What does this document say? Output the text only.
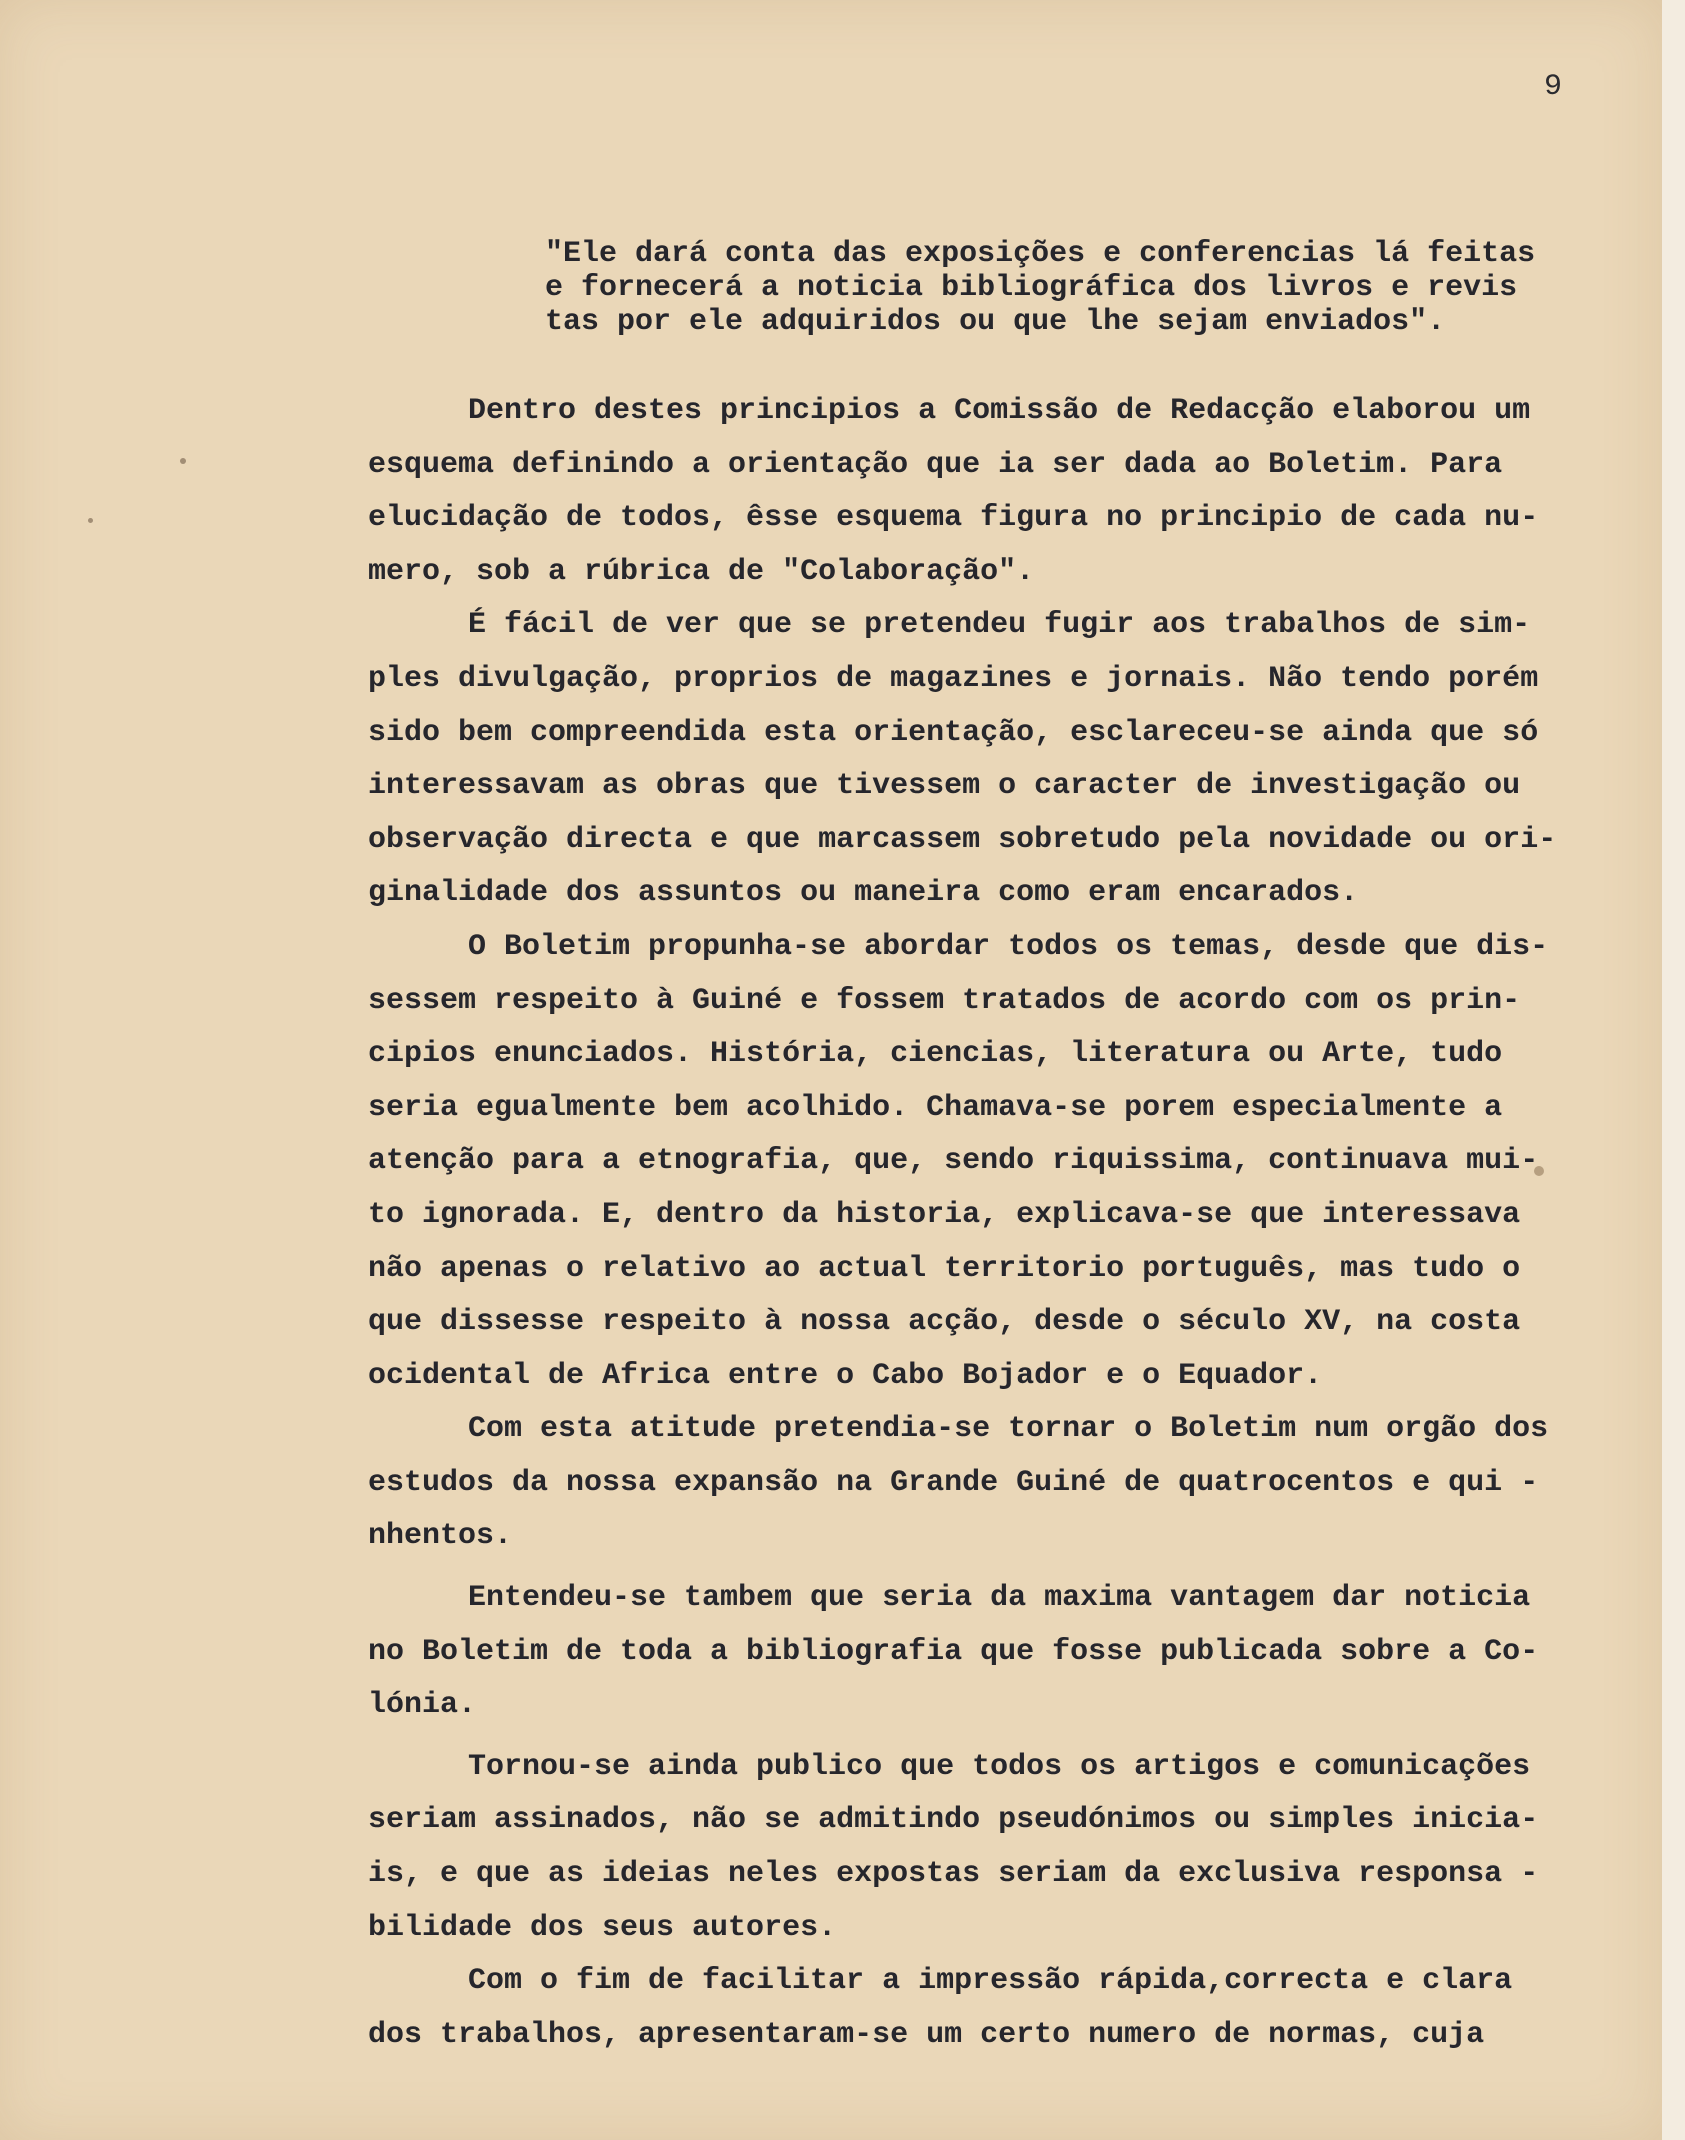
9
"Ele dará conta das exposições e conferencias lá feitas
e fornecerá a noticia bibliográfica dos livros e revis
tas por ele adquiridos ou que lhe sejam enviados".
Dentro destes principios a Comissão de Redacção elaborou um
esquema definindo a orientação que ia ser dada ao Boletim. Para
elucidação de todos, êsse esquema figura no principio de cada nu-
mero, sob a rúbrica de "Colaboração".
É fácil de ver que se pretendeu fugir aos trabalhos de sim-
ples divulgação, proprios de magazines e jornais. Não tendo porém
sido bem compreendida esta orientação, esclareceu-se ainda que só
interessavam as obras que tivessem o caracter de investigação ou
observação directa e que marcassem sobretudo pela novidade ou ori-
ginalidade dos assuntos ou maneira como eram encarados.
O Boletim propunha-se abordar todos os temas, desde que dis-
sessem respeito à Guiné e fossem tratados de acordo com os prin-
cipios enunciados. História, ciencias, literatura ou Arte, tudo
seria egualmente bem acolhido. Chamava-se porem especialmente a
atenção para a etnografia, que, sendo riquissima, continuava mui-
to ignorada. E, dentro da historia, explicava-se que interessava
não apenas o relativo ao actual territorio português, mas tudo o
que dissesse respeito à nossa acção, desde o século XV, na costa
ocidental de Africa entre o Cabo Bojador e o Equador.
Com esta atitude pretendia-se tornar o Boletim num orgão dos
estudos da nossa expansão na Grande Guiné de quatrocentos e qui -
nhentos.
Entendeu-se tambem que seria da maxima vantagem dar noticia
no Boletim de toda a bibliografia que fosse publicada sobre a Co-
lónia.
Tornou-se ainda publico que todos os artigos e comunicações
seriam assinados, não se admitindo pseudónimos ou simples inicia-
is, e que as ideias neles expostas seriam da exclusiva responsa -
bilidade dos seus autores.
Com o fim de facilitar a impressão rápida,correcta e clara
dos trabalhos, apresentaram-se um certo numero de normas, cuja
